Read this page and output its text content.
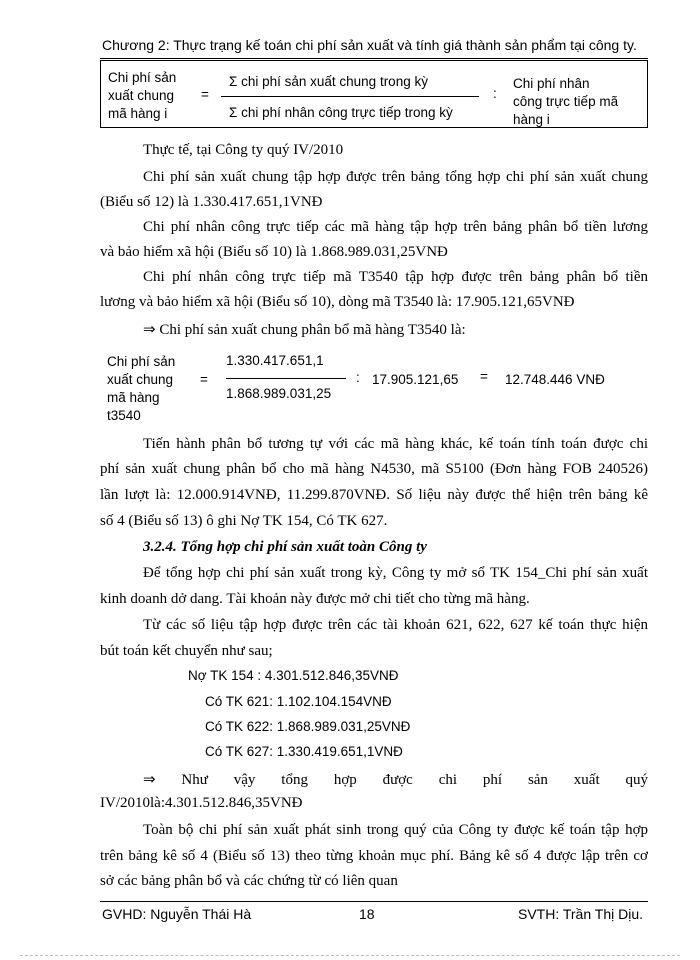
Chương 2: Thực trạng kế toán chi phí sản xuất và tính giá thành sản phẩm tại công ty.
Chi phí sản
xuất chung
mã hàng i
=
Σ chi phí sản xuất chung trong kỳ
Σ chi phí nhân công trực tiếp trong kỳ
:
Chi phí nhân
công trực tiếp mã
hàng i
Thực tế, tại Công ty quý IV/2010
Chi phí sản xuất chung tập hợp được trên bảng tổng hợp chi phí sản xuất chung
(Biểu số 12) là 1.330.417.651,1VNĐ
Chi phí nhân công trực tiếp các mã hàng tập hợp trên bảng phân bổ tiền lương
và bảo hiểm xã hội (Biểu số 10) là 1.868.989.031,25VNĐ
Chi phí nhân công trực tiếp mã T3540 tập hợp được trên bảng phân bổ tiền
lương và bảo hiểm xã hội (Biểu số 10), dòng mã T3540 là: 17.905.121,65VNĐ
⇒ Chi phí sản xuất chung phân bổ mã hàng T3540 là:
Chi phí sản
xuất chung
mã hàng
t3540
=
1.330.417.651,1
1.868.989.031,25
: 17.905.121,65 = 12.748.446 VNĐ
Tiến hành phân bổ tương tự với các mã hàng khác, kế toán tính toán được chi
phí sản xuất chung phân bổ cho mã hàng N4530, mã S5100 (Đơn hàng FOB 240526)
lần lượt là: 12.000.914VNĐ, 11.299.870VNĐ. Số liệu này được thể hiện trên bảng kê
số 4 (Biểu số 13) ô ghi Nợ TK 154, Có TK 627.
3.2.4. Tổng hợp chi phí sản xuất toàn Công ty
Để tổng hợp chi phí sản xuất trong kỳ, Công ty mở sổ TK 154_Chi phí sản xuất
kinh doanh dở dang. Tài khoản này được mở chi tiết cho từng mã hàng.
Từ các số liệu tập hợp được trên các tài khoản 621, 622, 627 kế toán thực hiện
bút toán kết chuyển như sau;
Nợ TK 154 : 4.301.512.846,35VNĐ
Có TK 621: 1.102.104.154VNĐ
Có TK 622: 1.868.989.031,25VNĐ
Có TK 627: 1.330.419.651,1VNĐ
⇒ Như vậy tổng hợp được chi phí sản xuất quý
IV/2010là:4.301.512.846,35VNĐ
Toàn bộ chi phí sản xuất phát sinh trong quý của Công ty được kế toán tập hợp
trên bảng kê số 4 (Biểu số 13) theo từng khoản mục phí. Bảng kê số 4 được lập trên cơ
sở các bảng phân bổ và các chứng từ có liên quan
GVHD: Nguyễn Thái Hà	18	SVTH: Trần Thị Dịu.
